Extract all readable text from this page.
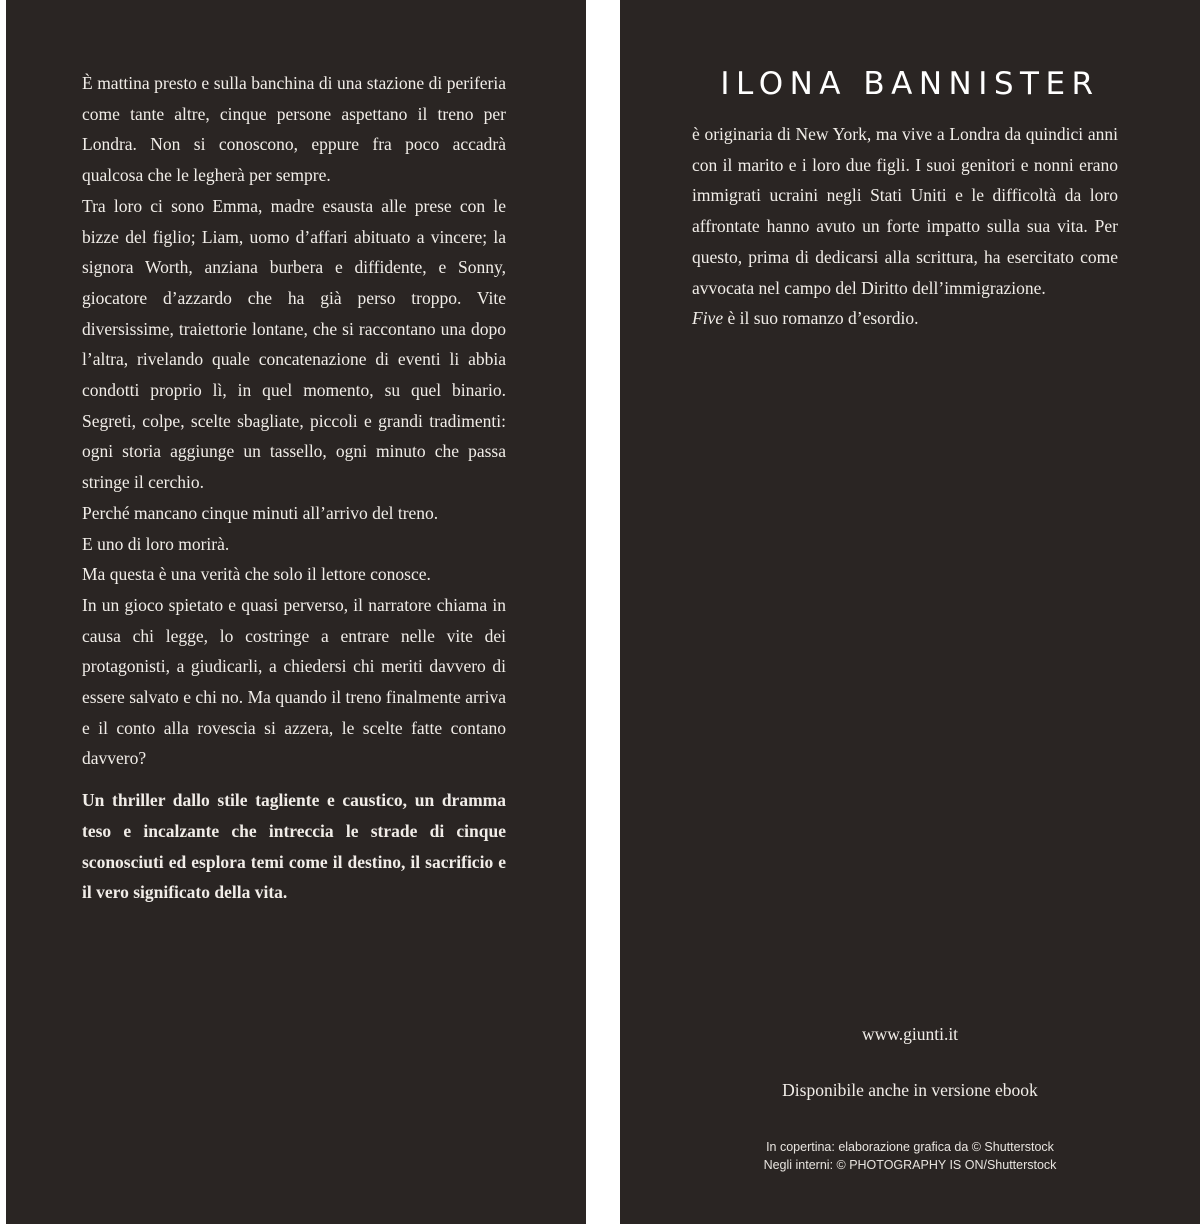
È mattina presto e sulla banchina di una stazione di periferia come tante altre, cinque persone aspettano il treno per Londra. Non si conoscono, eppure fra poco accadrà qualcosa che le legherà per sempre.

Tra loro ci sono Emma, madre esausta alle prese con le bizze del figlio; Liam, uomo d’affari abituato a vincere; la signora Worth, anziana burbera e diffidente, e Sonny, giocatore d’azzardo che ha già perso troppo. Vite diversissime, traiettorie lontane, che si raccontano una dopo l’altra, rivelando quale concatenazione di eventi li abbia condotti proprio lì, in quel momento, su quel binario. Segreti, colpe, scelte sbagliate, piccoli e grandi tradimenti: ogni storia aggiunge un tassello, ogni minuto che passa stringe il cerchio.

Perché mancano cinque minuti all’arrivo del treno.

E uno di loro morirà.

Ma questa è una verità che solo il lettore conosce.

In un gioco spietato e quasi perverso, il narratore chiama in causa chi legge, lo costringe a entrare nelle vite dei protagonisti, a giudicarli, a chiedersi chi meriti davvero di essere salvato e chi no. Ma quando il treno finalmente arriva e il conto alla rovescia si azzera, le scelte fatte contano davvero?

Un thriller dallo stile tagliente e caustico, un dramma teso e incalzante che intreccia le strade di cinque sconosciuti ed esplora temi come il destino, il sacrificio e il vero significato della vita.

ILONA BANNISTER

è originaria di New York, ma vive a Londra da quindici anni con il marito e i loro due figli. I suoi genitori e nonni erano immigrati ucraini negli Stati Uniti e le difficoltà da loro affrontate hanno avuto un forte impatto sulla sua vita. Per questo, prima di dedicarsi alla scrittura, ha esercitato come avvocata nel campo del Diritto dell’immigrazione.

Five è il suo romanzo d’esordio.

www.giunti.it
Disponibile anche in versione ebook
In copertina: elaborazione grafica da © Shutterstock
Negli interni: © PHOTOGRAPHY IS ON/Shutterstock
